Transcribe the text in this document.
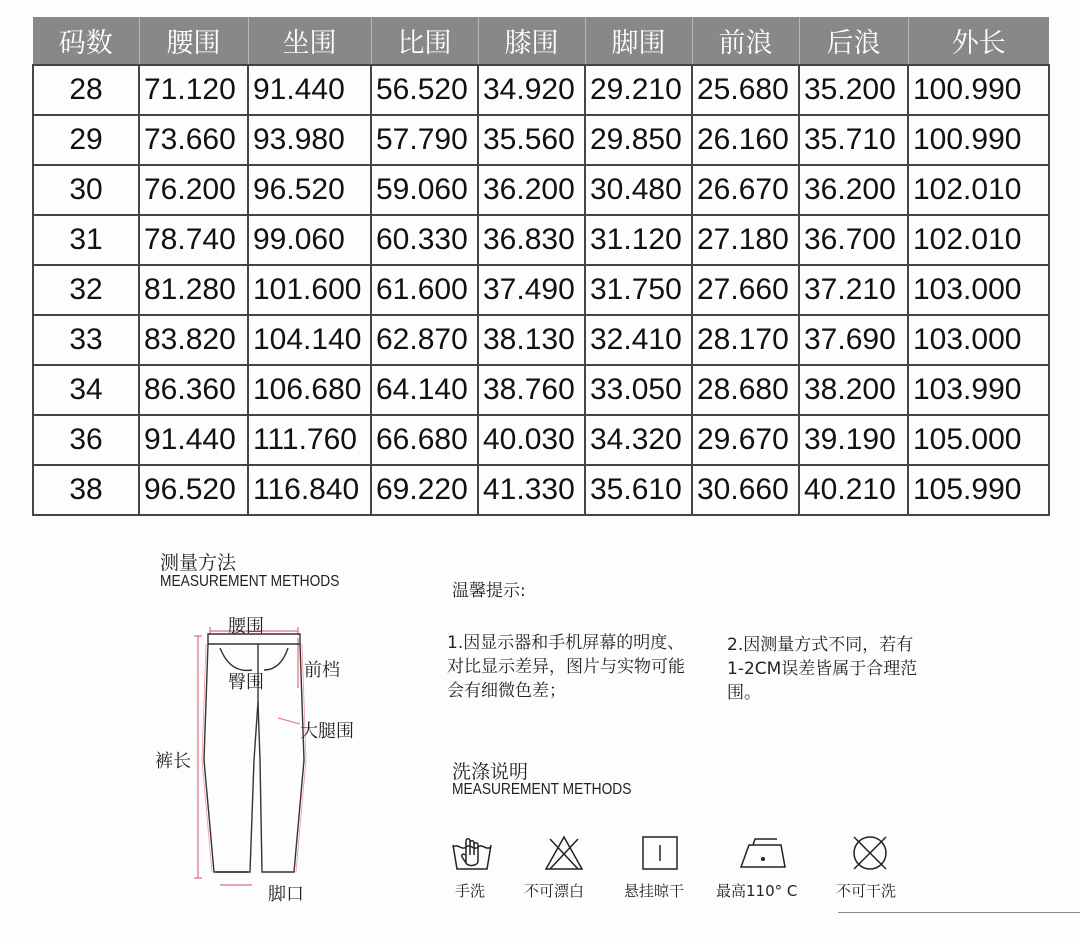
码数	腰围	坐围	比围	膝围	脚围	前浪	后浪	外长
28	71.120	91.440	56.520	34.920	29.210	25.680	35.200	100.990
29	73.660	93.980	57.790	35.560	29.850	26.160	35.710	100.990
30	76.200	96.520	59.060	36.200	30.480	26.670	36.200	102.010
31	78.740	99.060	60.330	36.830	31.120	27.180	36.700	102.010
32	81.280	101.600	61.600	37.490	31.750	27.660	37.210	103.000
33	83.820	104.140	62.870	38.130	32.410	28.170	37.690	103.000
34	86.360	106.680	64.140	38.760	33.050	28.680	38.200	103.990
36	91.440	111.760	66.680	40.030	34.320	29.670	39.190	105.000
38	96.520	116.840	69.220	41.330	35.610	30.660	40.210	105.990
测量方法
MEASUREMENT METHODS
腰围
前档
臀围
大腿围
裤长
脚口
温馨提示:
1.因显示器和手机屏幕的明度、对比显示差异，图片与实物可能会有细微色差；
2.因测量方式不同，若有1-2CM误差皆属于合理范围。
洗涤说明
MEASUREMENT METHODS
手洗	不可漂白	悬挂晾干 最高110° C	不可干洗
